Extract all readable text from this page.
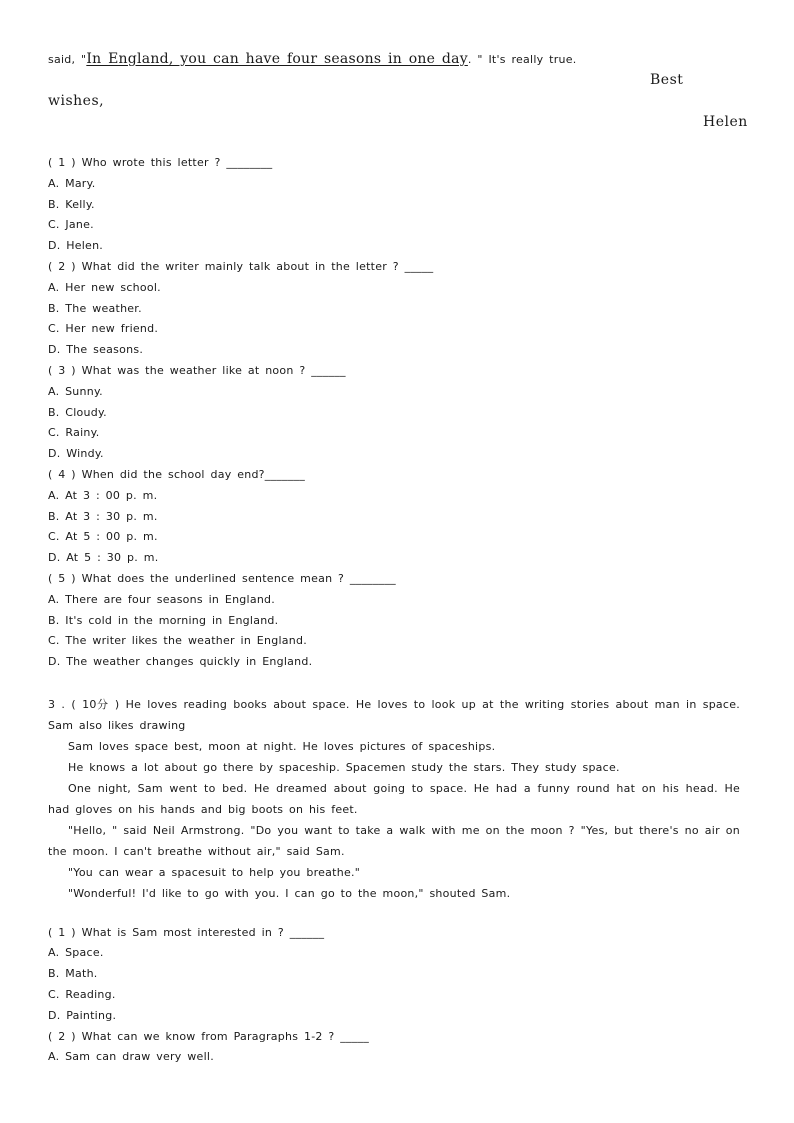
said, "In England, you can have four seasons in one day. " It's really true.
Best
wishes,
Helen
( 1 ) Who wrote this letter ? ________
A. Mary.
B. Kelly.
C. Jane.
D. Helen.
( 2 ) What did the writer mainly talk about in the letter ? _____
A. Her new school.
B. The weather.
C. Her new friend.
D. The seasons.
( 3 ) What was the weather like at noon ? ______
A. Sunny.
B. Cloudy.
C. Rainy.
D. Windy.
( 4 ) When did the school day end?_______
A. At 3 : 00 p. m.
B. At 3 : 30 p. m.
C. At 5 : 00 p. m.
D. At 5 : 30 p. m.
( 5 ) What does the underlined sentence mean ? ________
A. There are four seasons in England.
B. It's cold in the morning in England.
C. The writer likes the weather in England.
D. The weather changes quickly in England.
3 . ( 10分 ) He loves reading books about space. He loves to look up at the writing stories about man in space. Sam also likes drawing
Sam loves space best, moon at night. He loves pictures of spaceships.
He knows a lot about go there by spaceship. Spacemen study the stars. They study space.
One night, Sam went to bed. He dreamed about going to space. He had a funny round hat on his head. He had gloves on his hands and big boots on his feet.
"Hello, " said Neil Armstrong. "Do you want to take a walk with me on the moon ? "Yes, but there's no air on the moon. I can't breathe without air," said Sam.
"You can wear a spacesuit to help you breathe."
"Wonderful! I'd like to go with you. I can go to the moon," shouted Sam.
( 1 ) What is Sam most interested in ? ______
A. Space.
B. Math.
C. Reading.
D. Painting.
( 2 ) What can we know from Paragraphs 1-2 ? _____
A. Sam can draw very well.
